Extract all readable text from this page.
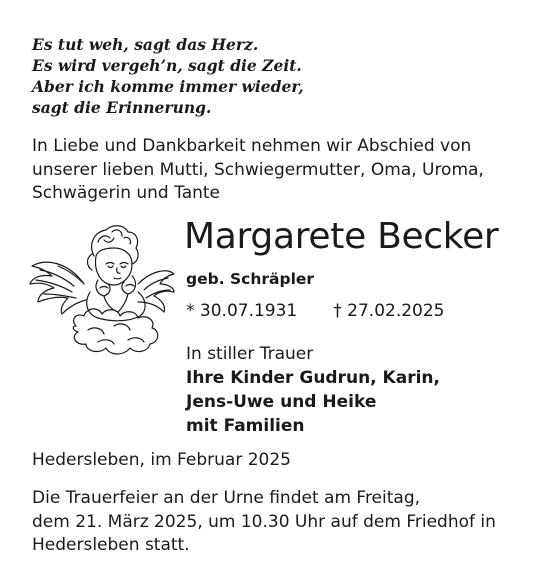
Es tut weh, sagt das Herz.
Es wird vergeh’n, sagt die Zeit.
Aber ich komme immer wieder,
sagt die Erinnerung.
In Liebe und Dankbarkeit nehmen wir Abschied von
unserer lieben Mutti, Schwiegermutter, Oma, Uroma,
Schwägerin und Tante
Margarete Becker
geb. Schräpler
* 30.07.1931 † 27.02.2025
In stiller Trauer
Ihre Kinder Gudrun, Karin,
Jens-Uwe und Heike
mit Familien
Hedersleben, im Februar 2025
Die Trauerfeier an der Urne findet am Freitag,
dem 21. März 2025, um 10.30 Uhr auf dem Friedhof in
Hedersleben statt.
